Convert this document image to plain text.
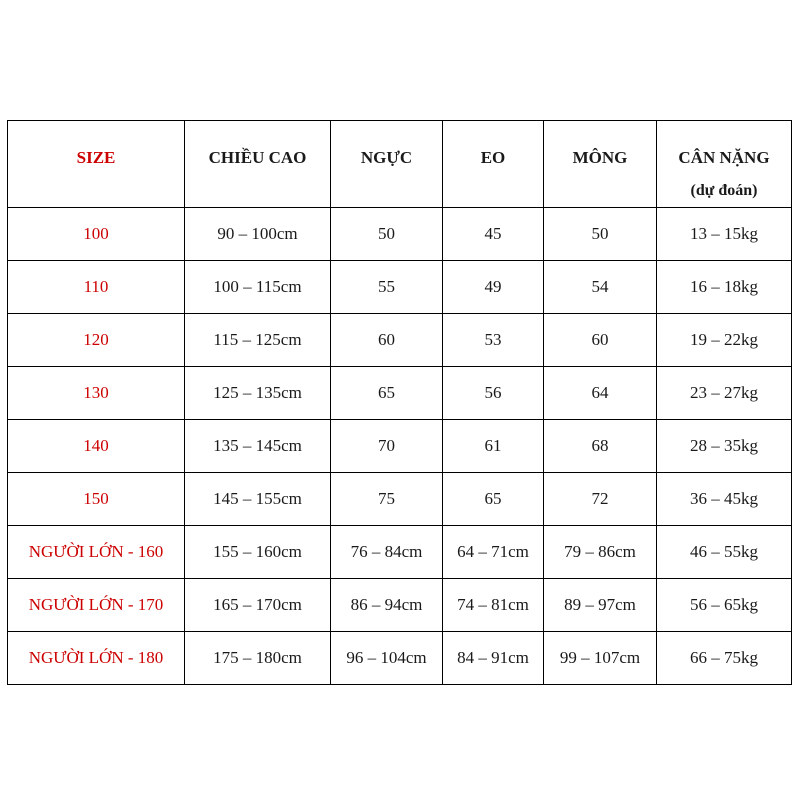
SIZE	CHIỀU CAO	NGỰC	EO	MÔNG	CÂN NẶNG
(dự đoán)

100	90 – 100cm	50	45	50	13 – 15kg
110	100 – 115cm	55	49	54	16 – 18kg
120	115 – 125cm	60	53	60	19 – 22kg
130	125 – 135cm	65	56	64	23 – 27kg
140	135 – 145cm	70	61	68	28 – 35kg
150	145 – 155cm	75	65	72	36 – 45kg
NGƯỜI LỚN - 160	155 – 160cm	76 – 84cm	64 – 71cm	79 – 86cm	46 – 55kg
NGƯỜI LỚN - 170	165 – 170cm	86 – 94cm	74 – 81cm	89 – 97cm	56 – 65kg
NGƯỜI LỚN - 180	175 – 180cm	96 – 104cm	84 – 91cm	99 – 107cm	66 – 75kg
